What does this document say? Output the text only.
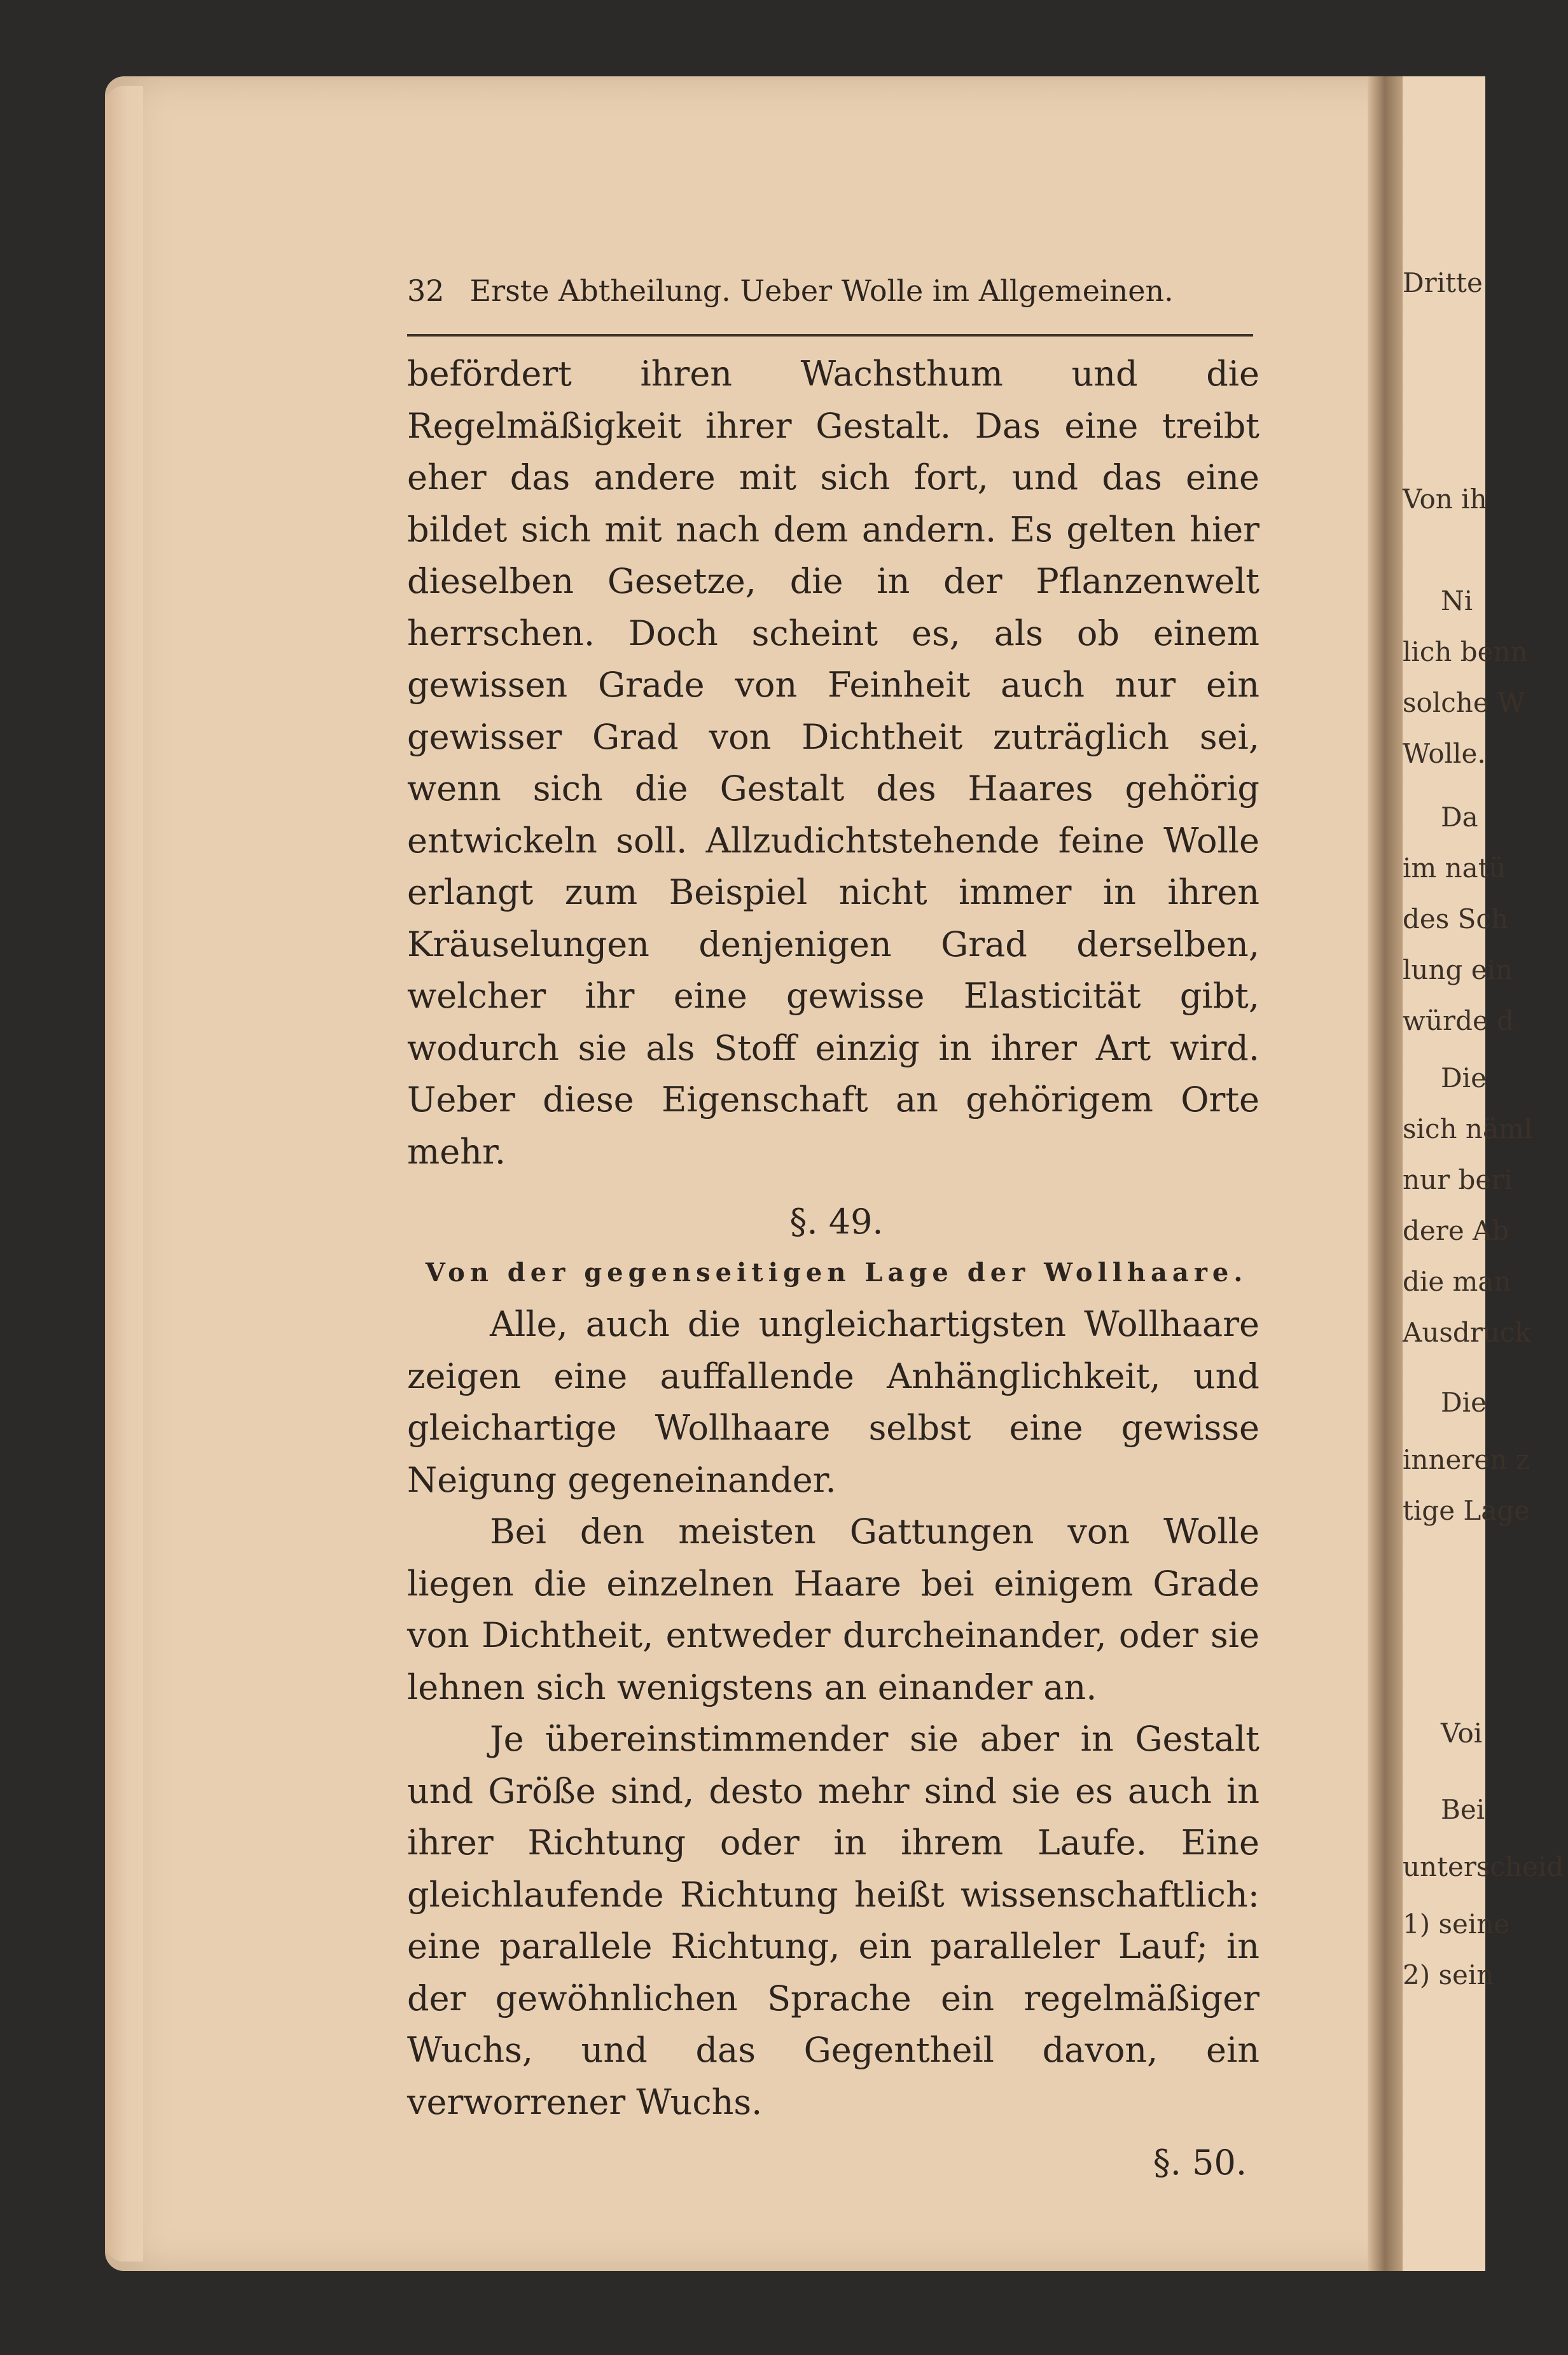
Dritte
Von ih
Ni
lich benn
solche W
Wolle.
Da
im natü
des Sch
lung ein
würde d
Die
sich näml
nur beri
dere Ab
die man
Ausdruck
Die
inneren z
tige Lage
Voi
Bei
unterscheid
1) seine
2) sein
32 Erste Abtheilung. Ueber Wolle im Allgemeinen.

befördert ihren Wachsthum und die Regelmäßigkeit ihrer Gestalt. Das eine treibt eher das andere mit sich fort, und das eine bildet sich mit nach dem andern. Es gelten hier dieselben Gesetze, die in der Pflanzenwelt herrschen. Doch scheint es, als ob einem gewissen Grade von Feinheit auch nur ein gewisser Grad von Dichtheit zuträglich sei, wenn sich die Gestalt des Haares gehörig entwickeln soll. Allzudichtstehende feine Wolle erlangt zum Beispiel nicht immer in ihren Kräuselungen denjenigen Grad derselben, welcher ihr eine gewisse Elasticität gibt, wodurch sie als Stoff einzig in ihrer Art wird. Ueber diese Eigenschaft an gehörigem Orte mehr.

§. 49.
Von der gegenseitigen Lage der Wollhaare.

Alle, auch die ungleichartigsten Wollhaare zeigen eine auffallende Anhänglichkeit, und gleichartige Wollhaare selbst eine gewisse Neigung gegeneinander.

Bei den meisten Gattungen von Wolle liegen die einzelnen Haare bei einigem Grade von Dichtheit, entweder durcheinander, oder sie lehnen sich wenigstens an einander an.

Je übereinstimmender sie aber in Gestalt und Größe sind, desto mehr sind sie es auch in ihrer Richtung oder in ihrem Laufe. Eine gleichlaufende Richtung heißt wissenschaftlich: eine parallele Richtung, ein paralleler Lauf; in der gewöhnlichen Sprache ein regelmäßiger Wuchs, und das Gegentheil davon, ein verworrener Wuchs.

§. 50.
